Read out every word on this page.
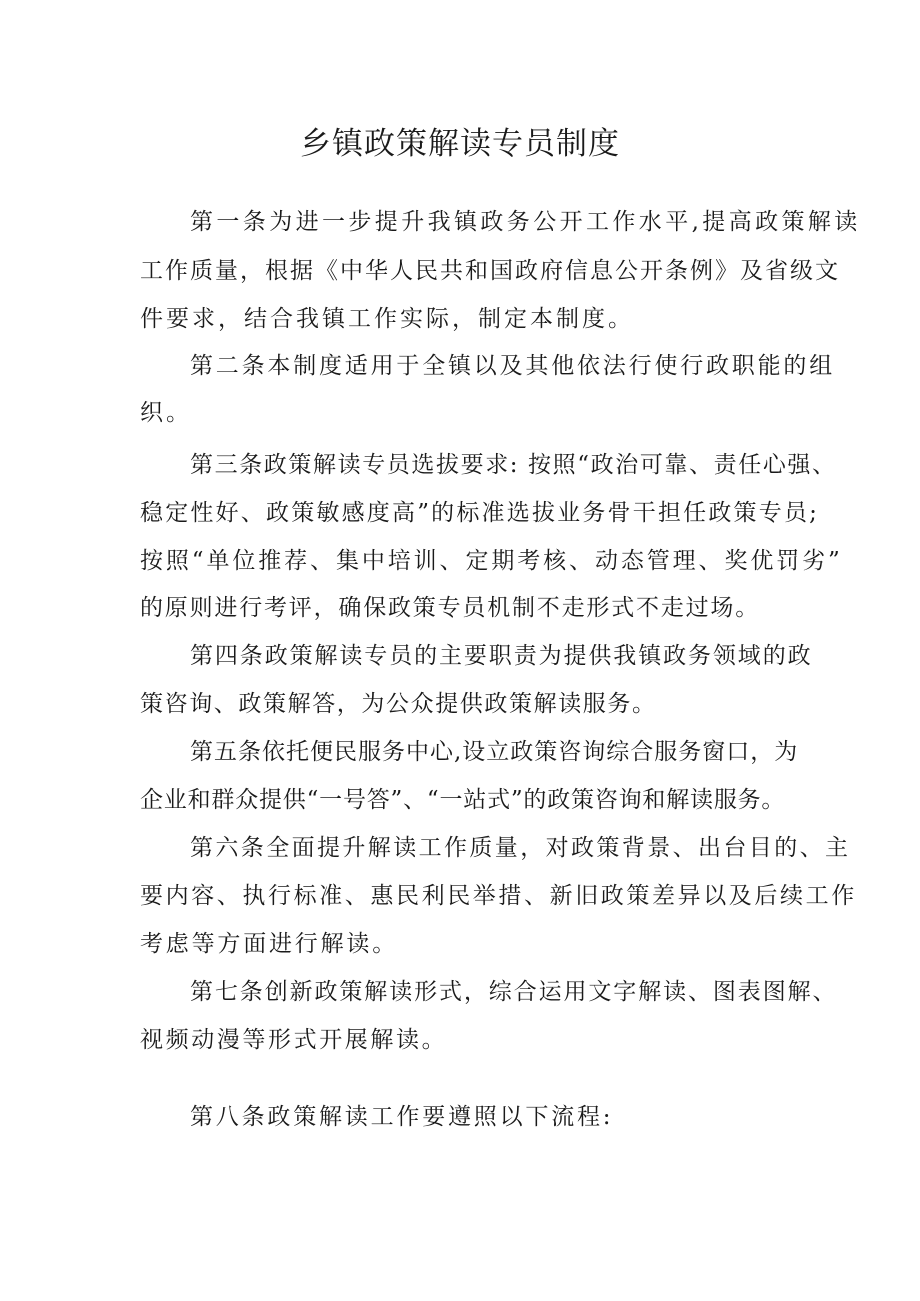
乡镇政策解读专员制度

第一条为进一步提升我镇政务公开工作水平,提高政策解读

工作质量，根据《中华人民共和国政府信息公开条例》及省级文

件要求，结合我镇工作实际，制定本制度。

第二条本制度适用于全镇以及其他依法行使行政职能的组

织。

第三条政策解读专员选拔要求: 按照“政治可靠、责任心强、

稳定性好、政策敏感度高”的标准选拔业务骨干担任政策专员;

按照“单位推荐、集中培训、定期考核、动态管理、奖优罚劣”

的原则进行考评，确保政策专员机制不走形式不走过场。

第四条政策解读专员的主要职责为提供我镇政务领域的政

策咨询、政策解答，为公众提供政策解读服务。

第五条依托便民服务中心,设立政策咨询综合服务窗口，为

企业和群众提供“一号答”、“一站式”的政策咨询和解读服务。

第六条全面提升解读工作质量，对政策背景、出台目的、主

要内容、执行标准、惠民利民举措、新旧政策差异以及后续工作

考虑等方面进行解读。

第七条创新政策解读形式，综合运用文字解读、图表图解、

视频动漫等形式开展解读。

第八条政策解读工作要遵照以下流程:
